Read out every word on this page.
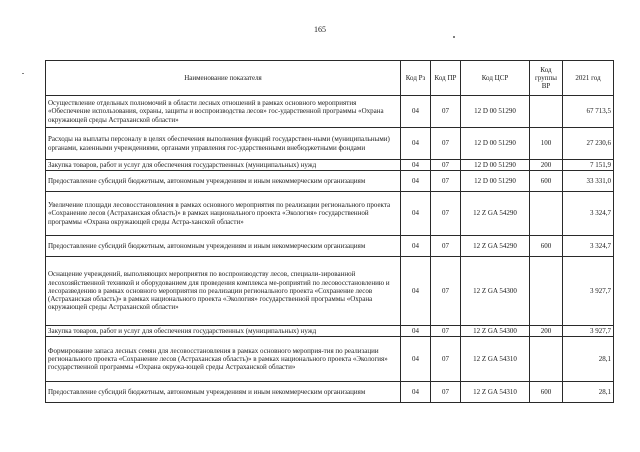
165
Наименование показателя	Код Рз	Код ПР	Код ЦСР	Код группы ВР	2021 год
Осуществление отдельных полномочий в области лесных отношений в рамках основного мероприятия «Обеспечение использования, охраны, защиты и воспроизводства лесов» гос-ударственной программы «Охрана окружающей среды Астраханской области»	04	07	12 D 00 51290		67 713,5
Расходы на выплаты персоналу в целях обеспечения выполнения функций государствен-ными (муниципальными) органами, казенными учреждениями, органами управления гос-ударственными внебюджетными фондами	04	07	12 D 00 51290	100	27 230,6
Закупка товаров, работ и услуг для обеспечения государственных (муниципальных) нужд	04	07	12 D 00 51290	200	7 151,9
Предоставление субсидий бюджетным, автономным учреждениям и иным некоммерческим организациям	04	07	12 D 00 51290	600	33 331,0
Увеличение площади лесовосстановления в рамках основного мероприятия по реализации регионального проекта «Сохранение лесов (Астраханская область)» в рамках национального проекта «Экология» государственной программы «Охрана окружающей среды Астра-ханской области»	04	07	12 Z GA 54290		3 324,7
Предоставление субсидий бюджетным, автономным учреждениям и иным некоммерческим организациям	04	07	12 Z GA 54290	600	3 324,7
Оснащение учреждений, выполняющих мероприятия по воспроизводству лесов, специали-зированной лесохозяйственной техникой и оборудованием для проведения комплекса ме-роприятий по лесовосстановлению и лесоразведению в рамках основного мероприятия по реализации регионального проекта «Сохранение лесов (Астраханская область)» в рамках национального проекта «Экология» государственной программы «Охрана окружающей среды Астраханской области»	04	07	12 Z GA 54300		3 927,7
Закупка товаров, работ и услуг для обеспечения государственных (муниципальных) нужд	04	07	12 Z GA 54300	200	3 927,7
Формирование запаса лесных семян для лесовосстановления в рамках основного мероприя-тия по реализации регионального проекта «Сохранение лесов (Астраханская область)» в рамках национального проекта «Экология» государственной программы «Охрана окружа-ющей среды Астраханской области»	04	07	12 Z GA 54310		28,1
Предоставление субсидий бюджетным, автономным учреждениям и иным некоммерческим организациям	04	07	12 Z GA 54310	600	28,1
